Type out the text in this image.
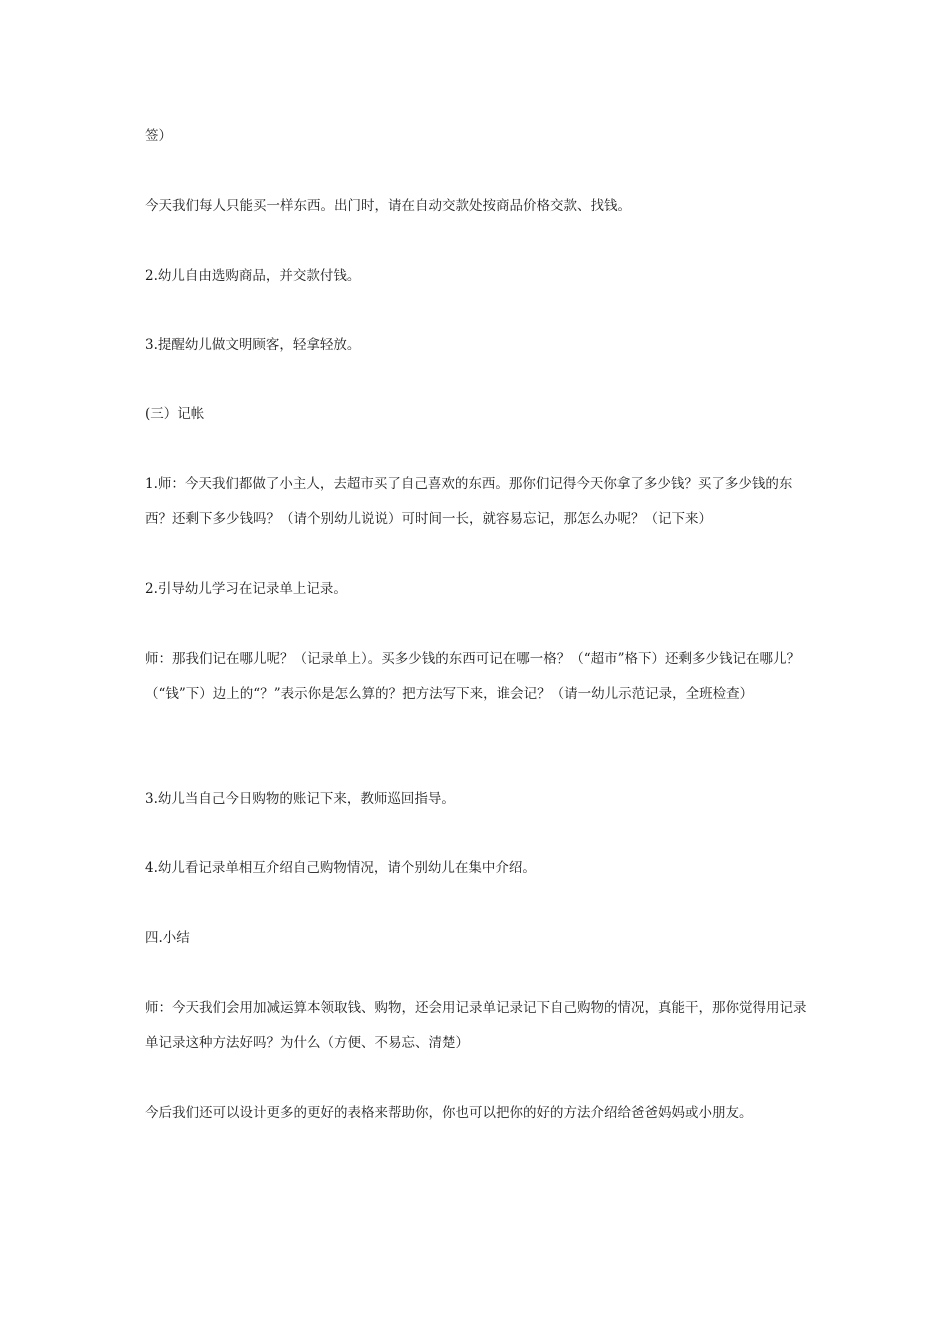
签）

今天我们每人只能买一样东西。出门时，请在自动交款处按商品价格交款、找钱。

2.幼儿自由选购商品，并交款付钱。

3.提醒幼儿做文明顾客，轻拿轻放。

(三）记帐

1.师：今天我们都做了小主人，去超市买了自己喜欢的东西。那你们记得今天你拿了多少钱？买了多少钱的东西？还剩下多少钱吗？（请个别幼儿说说）可时间一长，就容易忘记，那怎么办呢？（记下来）

2.引导幼儿学习在记录单上记录。

师：那我们记在哪儿呢？（记录单上）。买多少钱的东西可记在哪一格？（“超市”格下）还剩多少钱记在哪儿？（“钱”下）边上的“？”表示你是怎么算的？把方法写下来，谁会记？（请一幼儿示范记录，全班检查）

3.幼儿当自己今日购物的账记下来，教师巡回指导。

4.幼儿看记录单相互介绍自己购物情况，请个别幼儿在集中介绍。

四.小结

师：今天我们会用加减运算本领取钱、购物，还会用记录单记录记下自己购物的情况，真能干，那你觉得用记录单记录这种方法好吗？为什么（方便、不易忘、清楚）

今后我们还可以设计更多的更好的表格来帮助你，你也可以把你的好的方法介绍给爸爸妈妈或小朋友。
